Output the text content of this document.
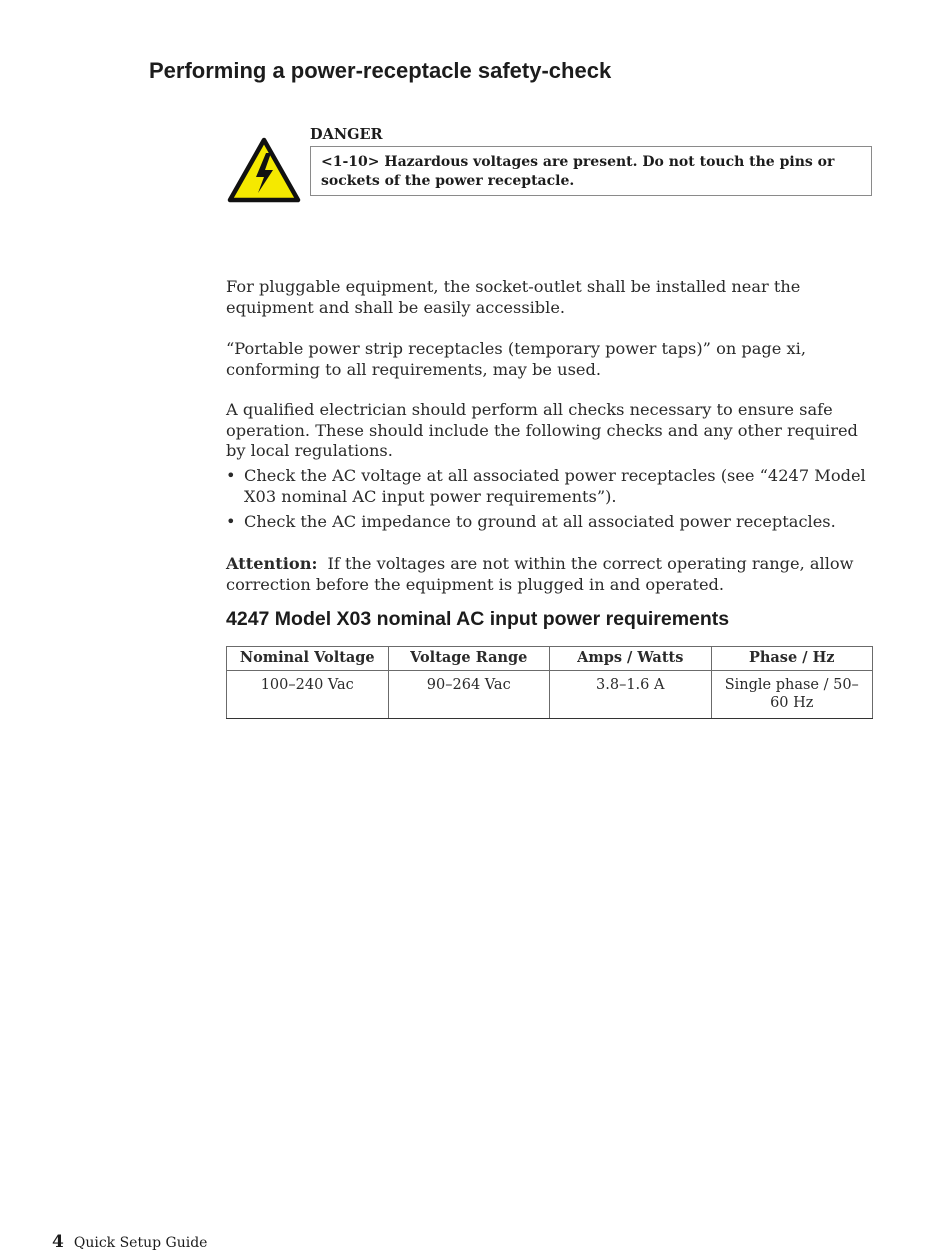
Performing a power-receptacle safety-check
DANGER
<1-10> Hazardous voltages are present. Do not touch the pins or sockets of the power receptacle.

For pluggable equipment, the socket-outlet shall be installed near the equipment and shall be easily accessible.

“Portable power strip receptacles (temporary power taps)” on page xi, conforming to all requirements, may be used.

A qualified electrician should perform all checks necessary to ensure safe operation. These should include the following checks and any other required by local regulations.

• Check the AC voltage at all associated power receptacles (see “4247 Model X03 nominal AC input power requirements”).
• Check the AC impedance to ground at all associated power receptacles.

Attention: If the voltages are not within the correct operating range, allow correction before the equipment is plugged in and operated.

4247 Model X03 nominal AC input power requirements
Nominal Voltage	Voltage Range	Amps / Watts	Phase / Hz
100–240 Vac	90–264 Vac	3.8–1.6 A	Single phase / 50–60 Hz
4 Quick Setup Guide
